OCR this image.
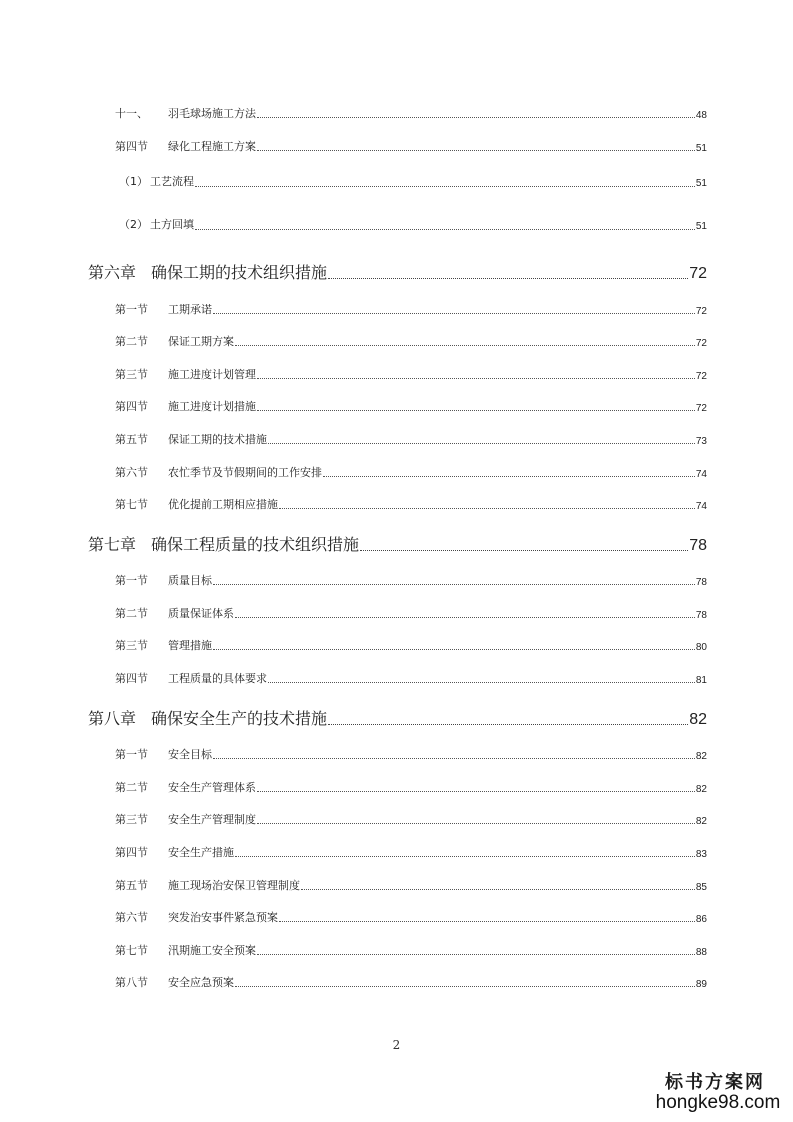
十一、	羽毛球场施工方法	48
第四节	绿化工程施工方案	51
（1） 工艺流程	51
（2） 土方回填	51
第六章 确保工期的技术组织措施	72
第一节	工期承诺	72
第二节	保证工期方案	72
第三节	施工进度计划管理	72
第四节	施工进度计划措施	72
第五节	保证工期的技术措施	73
第六节	农忙季节及节假期间的工作安排	74
第七节	优化提前工期相应措施	74
第七章 确保工程质量的技术组织措施	78
第一节	质量目标	78
第二节	质量保证体系	78
第三节	管理措施	80
第四节	工程质量的具体要求	81
第八章 确保安全生产的技术措施	82
第一节	安全目标	82
第二节	安全生产管理体系	82
第三节	安全生产管理制度	82
第四节	安全生产措施	83
第五节	施工现场治安保卫管理制度	85
第六节	突发治安事件紧急预案	86
第七节	汛期施工安全预案	88
第八节	安全应急预案	89
2
标书方案网
hongke98.com
